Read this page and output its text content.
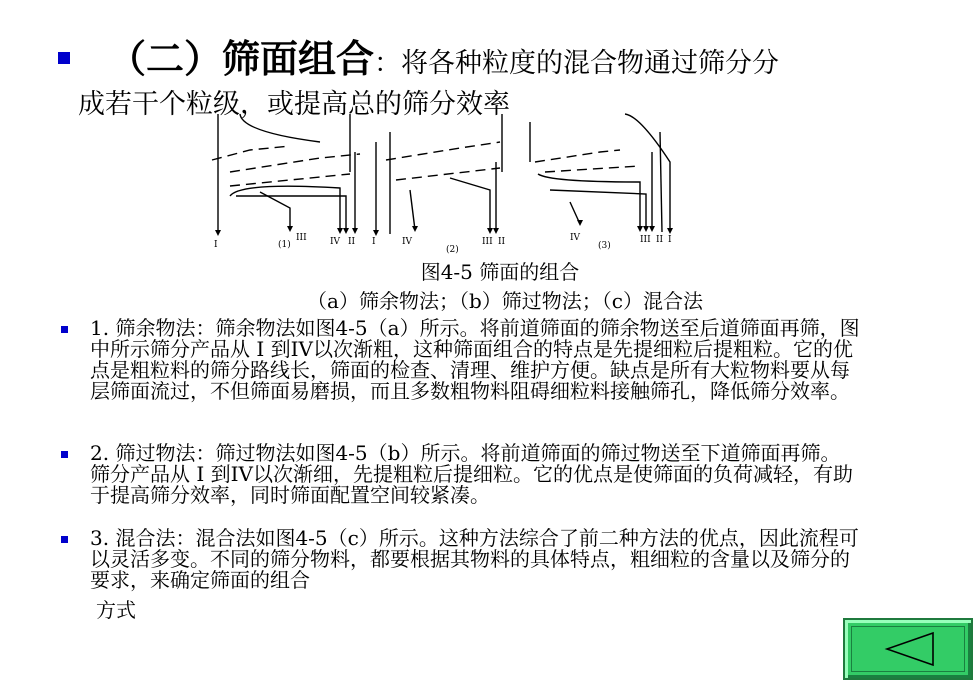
（二）筛面组合：将各种粒度的混合物通过筛分分
成若干个粒级，或提高总的筛分效率
I	(1)
III	IV II I	IV
(2)
III II	IV
(3)
III II I
图4-5 筛面的组合
（a）筛余物法；（b）筛过物法；（c）混合法
1. 筛余物法：筛余物法如图4-5（a）所示。将前道筛面的筛余物送至后道筛面再筛，图中所示筛分产品从 I 到IV以次渐粗，这种筛面组合的特点是先提细粒后提粗粒。它的优点是粗粒料的筛分路线长，筛面的检查、清理、维护方便。缺点是所有大粒物料要从每层筛面流过，不但筛面易磨损，而且多数粗物料阻碍细粒料接触筛孔，降低筛分效率。
2. 筛过物法：筛过物法如图4-5（b）所示。将前道筛面的筛过物送至下道筛面再筛。筛分产品从 I 到IV以次渐细，先提粗粒后提细粒。它的优点是使筛面的负荷减轻，有助于提高筛分效率，同时筛面配置空间较紧凑。
3. 混合法：混合法如图4-5（c）所示。这种方法综合了前二种方法的优点，因此流程可以灵活多变。不同的筛分物料，都要根据其物料的具体特点，粗细粒的含量以及筛分的要求，来确定筛面的组合
方式
